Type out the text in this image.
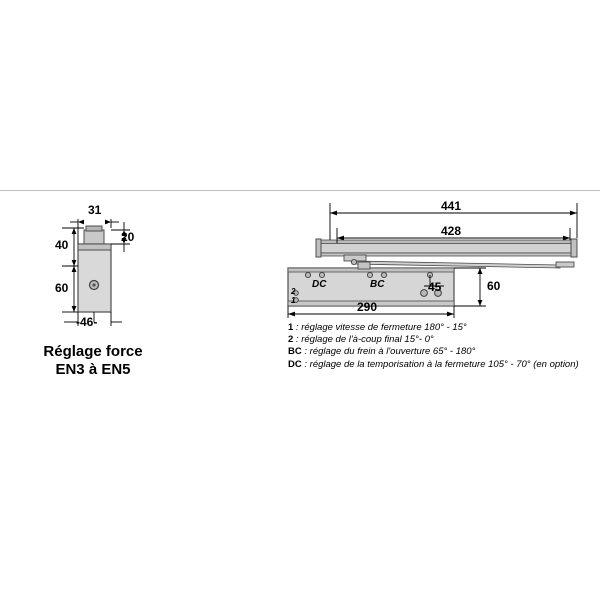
31
20
40
60
-46-
Réglage force
EN3 à EN5
441
428
290
60
45
DC	BC
2
1
1 : réglage vitesse de fermeture 180° - 15°
2 : réglage de l'à-coup final 15°- 0°
BC : réglage du frein à l'ouverture 65° - 180°
DC : réglage de la temporisation à la fermeture 105° - 70° (en option)
